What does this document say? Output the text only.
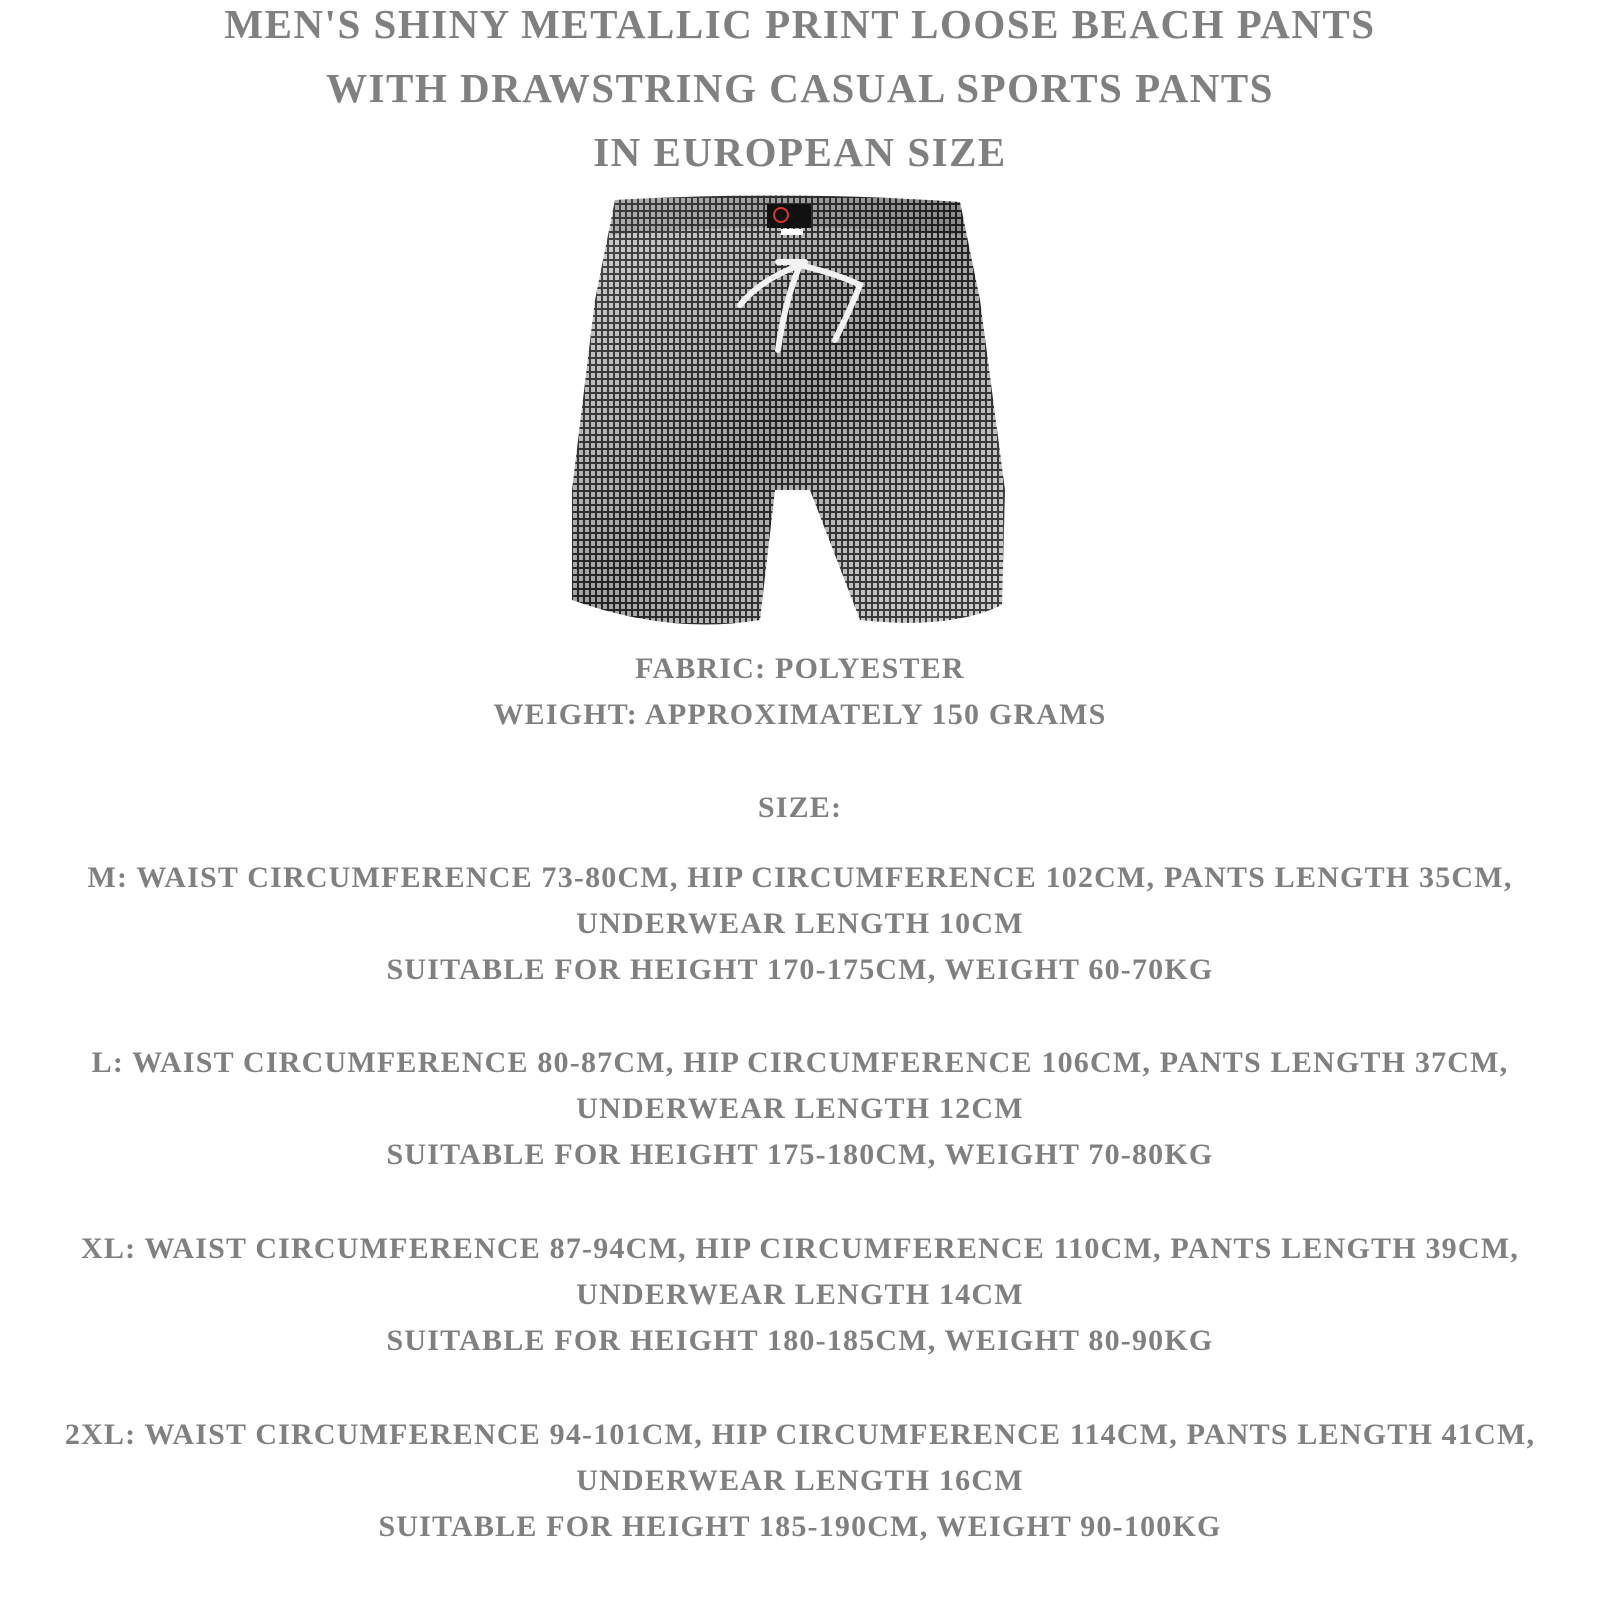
MEN'S SHINY METALLIC PRINT LOOSE BEACH PANTS
WITH DRAWSTRING CASUAL SPORTS PANTS
IN EUROPEAN SIZE
FABRIC: POLYESTER
WEIGHT: APPROXIMATELY 150 GRAMS
SIZE:
M: WAIST CIRCUMFERENCE 73-80CM, HIP CIRCUMFERENCE 102CM, PANTS LENGTH 35CM,
UNDERWEAR LENGTH 10CM
SUITABLE FOR HEIGHT 170-175CM, WEIGHT 60-70KG
L: WAIST CIRCUMFERENCE 80-87CM, HIP CIRCUMFERENCE 106CM, PANTS LENGTH 37CM,
UNDERWEAR LENGTH 12CM
SUITABLE FOR HEIGHT 175-180CM, WEIGHT 70-80KG
XL: WAIST CIRCUMFERENCE 87-94CM, HIP CIRCUMFERENCE 110CM, PANTS LENGTH 39CM,
UNDERWEAR LENGTH 14CM
SUITABLE FOR HEIGHT 180-185CM, WEIGHT 80-90KG
2XL: WAIST CIRCUMFERENCE 94-101CM, HIP CIRCUMFERENCE 114CM, PANTS LENGTH 41CM,
UNDERWEAR LENGTH 16CM
SUITABLE FOR HEIGHT 185-190CM, WEIGHT 90-100KG
